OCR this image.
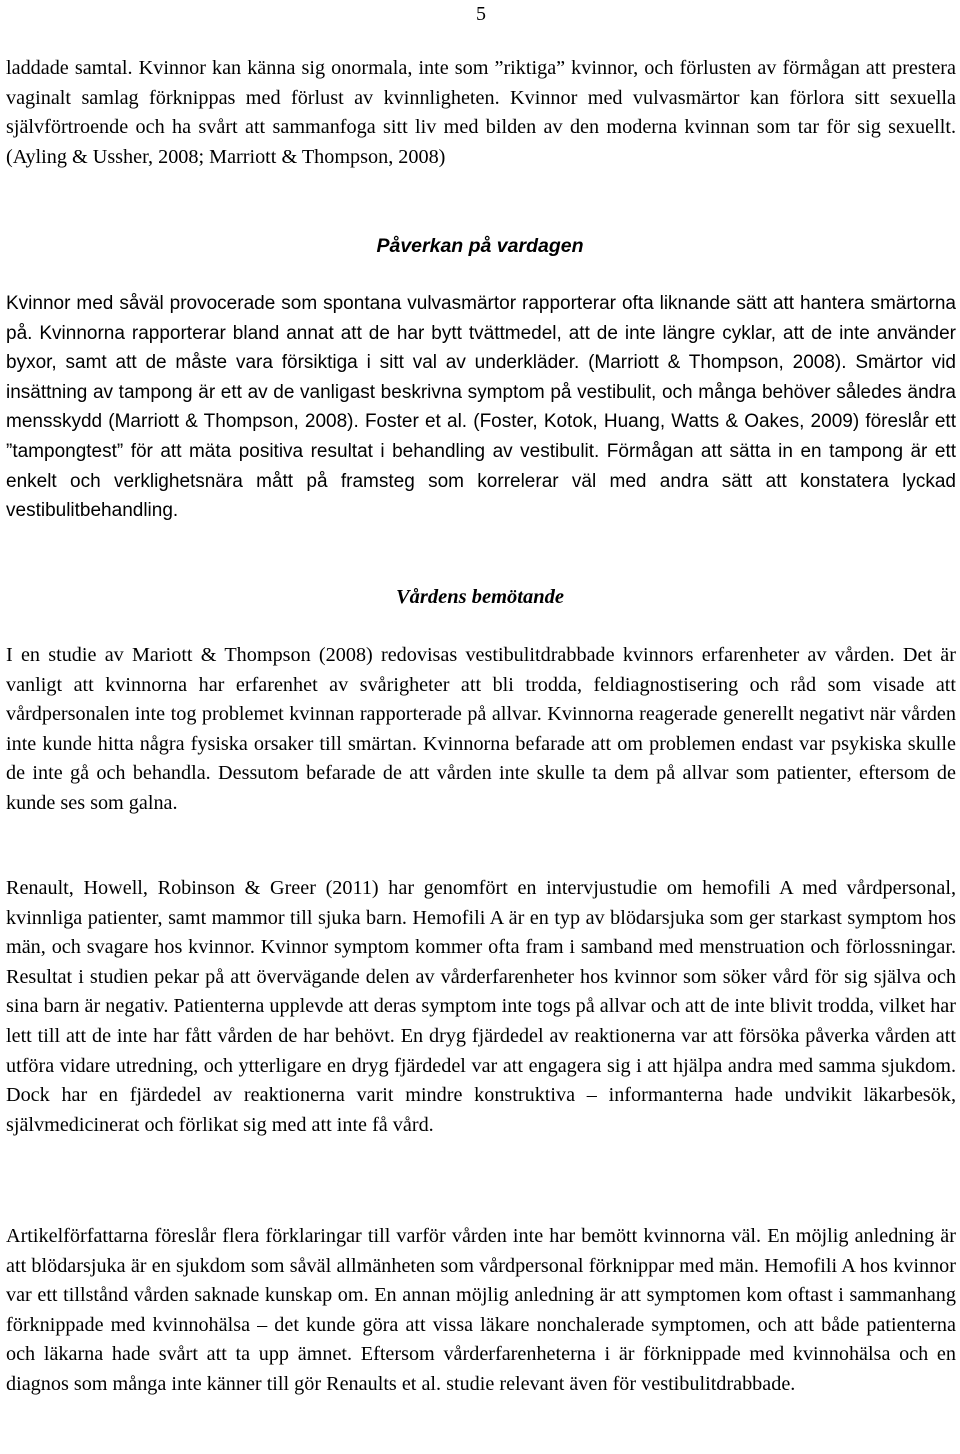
5

laddade samtal. Kvinnor kan känna sig onormala, inte som ”riktiga” kvinnor, och förlusten av förmågan att prestera vaginalt samlag förknippas med förlust av kvinnligheten. Kvinnor med vulvasmärtor kan förlora sitt sexuella självförtroende och ha svårt att sammanfoga sitt liv med bilden av den moderna kvinnan som tar för sig sexuellt. (Ayling & Ussher, 2008; Marriott & Thompson, 2008)

Påverkan på vardagen

Kvinnor med såväl provocerade som spontana vulvasmärtor rapporterar ofta liknande sätt att hantera smärtorna på. Kvinnorna rapporterar bland annat att de har bytt tvättmedel, att de inte längre cyklar, att de inte använder byxor, samt att de måste vara försiktiga i sitt val av underkläder. (Marriott & Thompson, 2008). Smärtor vid insättning av tampong är ett av de vanligast beskrivna symptom på vestibulit, och många behöver således ändra mensskydd (Marriott & Thompson, 2008). Foster et al. (Foster, Kotok, Huang, Watts & Oakes, 2009) föreslår ett ”tampongtest” för att mäta positiva resultat i behandling av vestibulit. Förmågan att sätta in en tampong är ett enkelt och verklighetsnära mått på framsteg som korrelerar väl med andra sätt att konstatera lyckad vestibulitbehandling.

Vårdens bemötande

I en studie av Mariott & Thompson (2008) redovisas vestibulitdrabbade kvinnors erfarenheter av vården. Det är vanligt att kvinnorna har erfarenhet av svårigheter att bli trodda, feldiagnostisering och råd som visade att vårdpersonalen inte tog problemet kvinnan rapporterade på allvar. Kvinnorna reagerade generellt negativt när vården inte kunde hitta några fysiska orsaker till smärtan. Kvinnorna befarade att om problemen endast var psykiska skulle de inte gå och behandla. Dessutom befarade de att vården inte skulle ta dem på allvar som patienter, eftersom de kunde ses som galna.

Renault, Howell, Robinson & Greer (2011) har genomfört en intervjustudie om hemofili A med vårdpersonal, kvinnliga patienter, samt mammor till sjuka barn. Hemofili A är en typ av blödarsjuka som ger starkast symptom hos män, och svagare hos kvinnor. Kvinnor symptom kommer ofta fram i samband med menstruation och förlossningar. Resultat i studien pekar på att övervägande delen av vårderfarenheter hos kvinnor som söker vård för sig själva och sina barn är negativ. Patienterna upplevde att deras symptom inte togs på allvar och att de inte blivit trodda, vilket har lett till att de inte har fått vården de har behövt. En dryg fjärdedel av reaktionerna var att försöka påverka vården att utföra vidare utredning, och ytterligare en dryg fjärdedel var att engagera sig i att hjälpa andra med samma sjukdom. Dock har en fjärdedel av reaktionerna varit mindre konstruktiva – informanterna hade undvikit läkarbesök, självmedicinerat och förlikat sig med att inte få vård.

Artikelförfattarna föreslår flera förklaringar till varför vården inte har bemött kvinnorna väl. En möjlig anledning är att blödarsjuka är en sjukdom som såväl allmänheten som vårdpersonal förknippar med män. Hemofili A hos kvinnor var ett tillstånd vården saknade kunskap om. En annan möjlig anledning är att symptomen kom oftast i sammanhang förknippade med kvinnohälsa – det kunde göra att vissa läkare nonchalerade symptomen, och att både patienterna och läkarna hade svårt att ta upp ämnet. Eftersom vårderfarenheterna i är förknippade med kvinnohälsa och en diagnos som många inte känner till gör Renaults et al. studie relevant även för vestibulitdrabbade.
